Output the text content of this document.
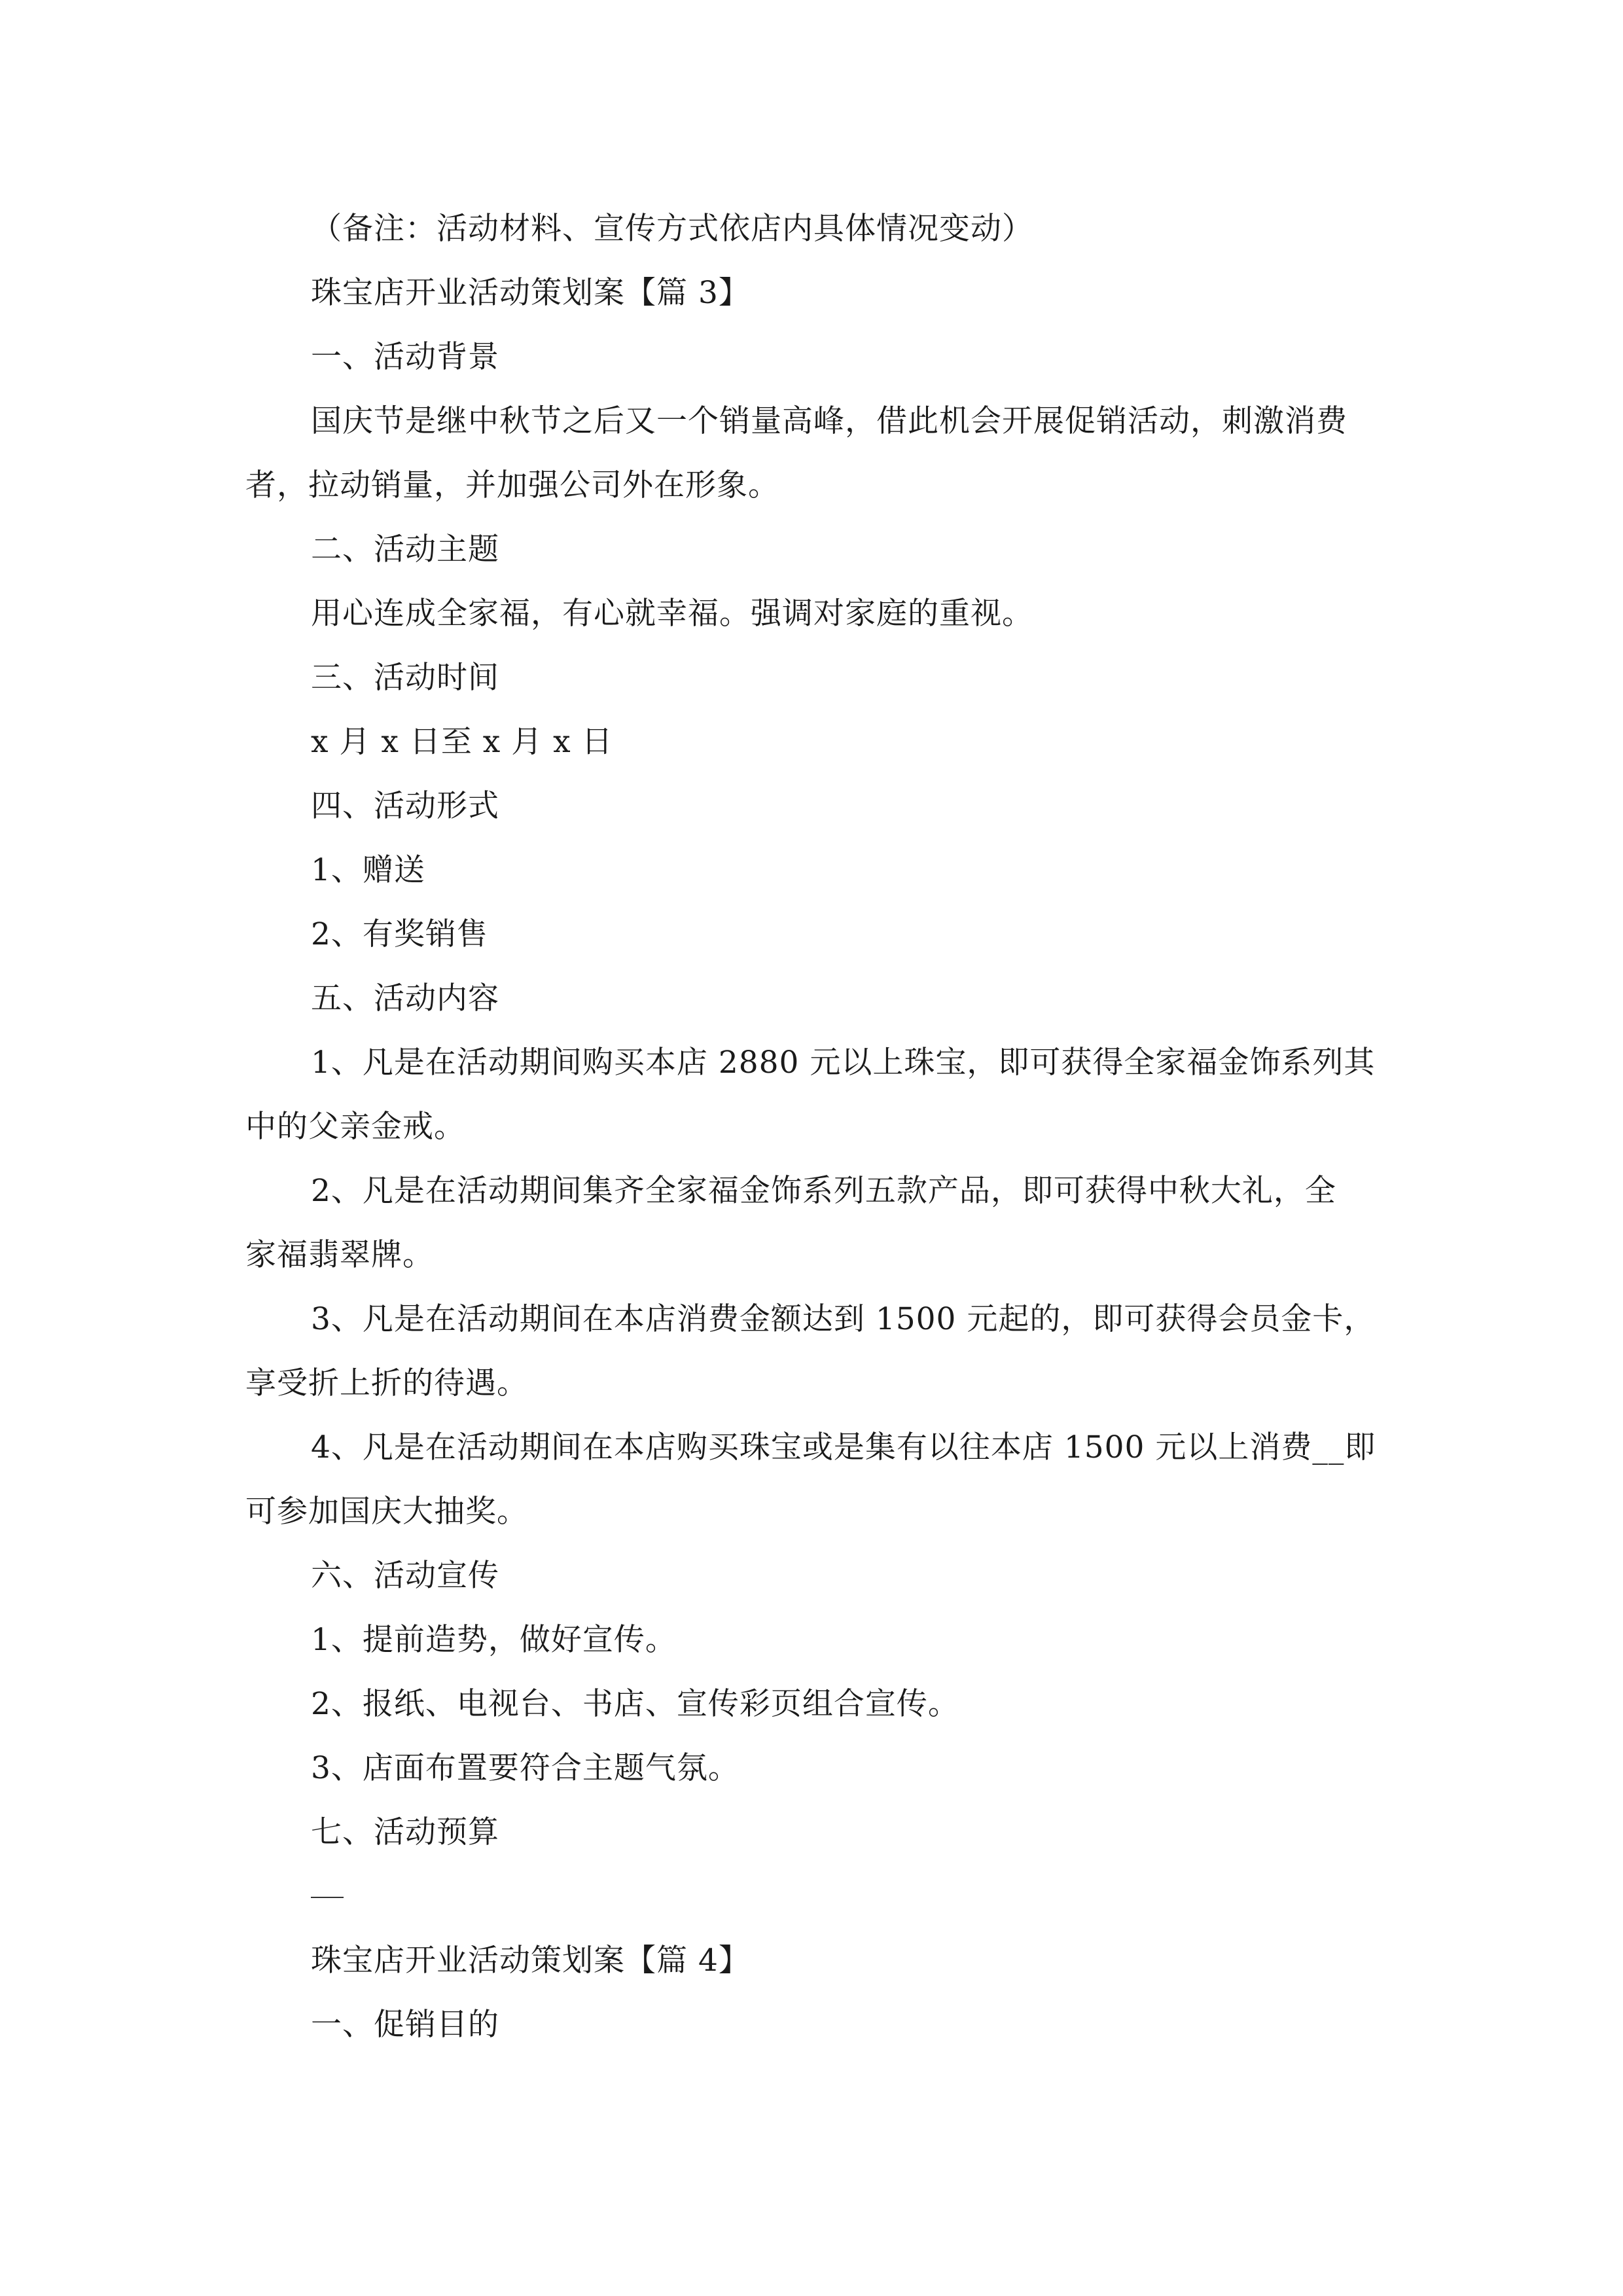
（备注：活动材料、宣传方式依店内具体情况变动）
珠宝店开业活动策划案【篇 3】
一、活动背景
国庆节是继中秋节之后又一个销量高峰，借此机会开展促销活动，刺激消费
者，拉动销量，并加强公司外在形象。
二、活动主题
用心连成全家福，有心就幸福。强调对家庭的重视。
三、活动时间
x 月 x 日至 x 月 x 日
四、活动形式
1、赠送
2、有奖销售
五、活动内容
1、凡是在活动期间购买本店 2880 元以上珠宝，即可获得全家福金饰系列其
中的父亲金戒。
2、凡是在活动期间集齐全家福金饰系列五款产品，即可获得中秋大礼，全
家福翡翠牌。
3、凡是在活动期间在本店消费金额达到 1500 元起的，即可获得会员金卡，
享受折上折的待遇。
4、凡是在活动期间在本店购买珠宝或是集有以往本店 1500 元以上消费__即
可参加国庆大抽奖。
六、活动宣传
1、提前造势，做好宣传。
2、报纸、电视台、书店、宣传彩页组合宣传。
3、店面布置要符合主题气氛。
七、活动预算
珠宝店开业活动策划案【篇 4】
一、促销目的
